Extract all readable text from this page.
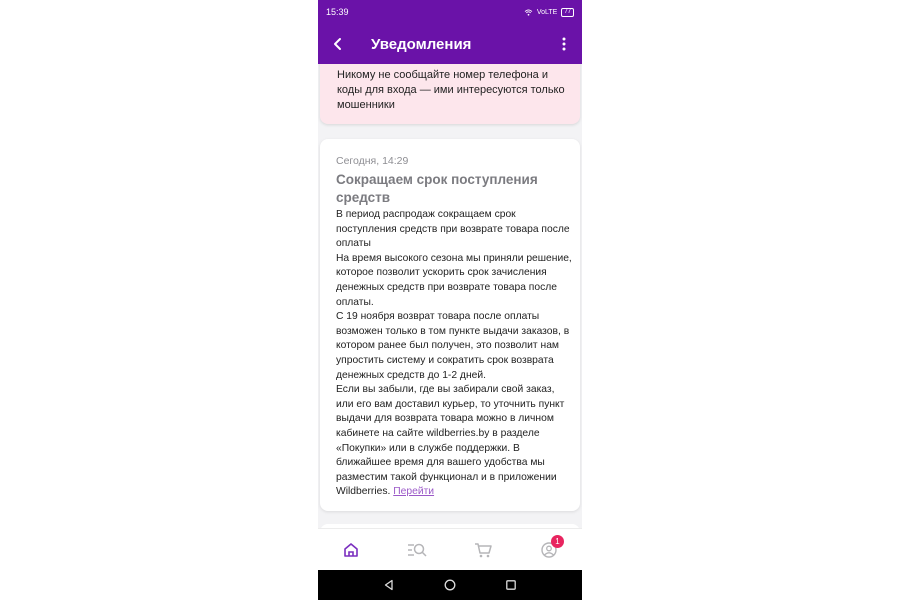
15:39	VoLTE	77
Уведомления
Никому не сообщайте номер телефона и коды для входа — ими интересуются только мошенники
Сегодня, 14:29
Сокращаем срок поступления средств

В период распродаж сокращаем срок поступления средств при возврате товара после оплаты

На время высокого сезона мы приняли решение, которое позволит ускорить срок зачисления денежных средств при возврате товара после оплаты.

С 19 ноября возврат товара после оплаты возможен только в том пункте выдачи заказов, в котором ранее был получен, это позволит нам упростить систему и сократить срок возврата денежных средств до 1-2 дней.

Если вы забыли, где вы забирали свой заказ, или его вам доставил курьер, то уточнить пункт выдачи для возврата товара можно в личном кабинете на сайте wildberries.by в разделе «Покупки» или в службе поддержки. В ближайшее время для вашего удобства мы разместим такой функционал и в приложении Wildberries. Перейти

1
